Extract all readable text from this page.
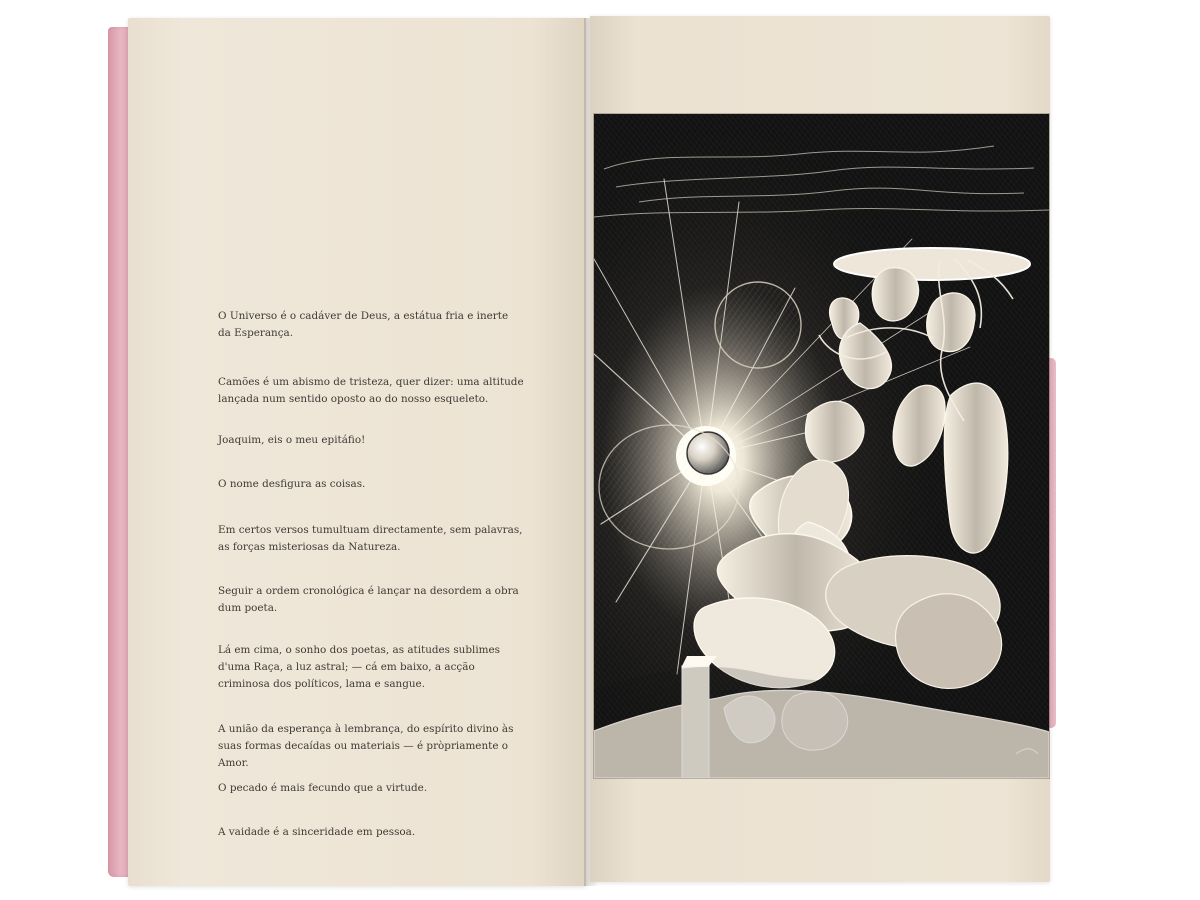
O Universo é o cadáver de Deus, a estátua fria e inerte da Esperança.
Camões é um abismo de tristeza, quer dizer: uma altitude lançada num sentido oposto ao do nosso esqueleto.
Joaquim, eis o meu epitáfio!
O nome desfigura as coisas.
Em certos versos tumultuam directamente, sem palavras, as forças misteriosas da Natureza.
Seguir a ordem cronológica é lançar na desordem a obra dum poeta.
Lá em cima, o sonho dos poetas, as atitudes sublimes d'uma Raça, a luz astral; — cá em baixo, a acção criminosa dos políticos, lama e sangue.
A união da esperança à lembrança, do espírito divino às suas formas decaídas ou materiais — é pròpriamente o Amor.
O pecado é mais fecundo que a virtude.
A vaidade é a sinceridade em pessoa.
